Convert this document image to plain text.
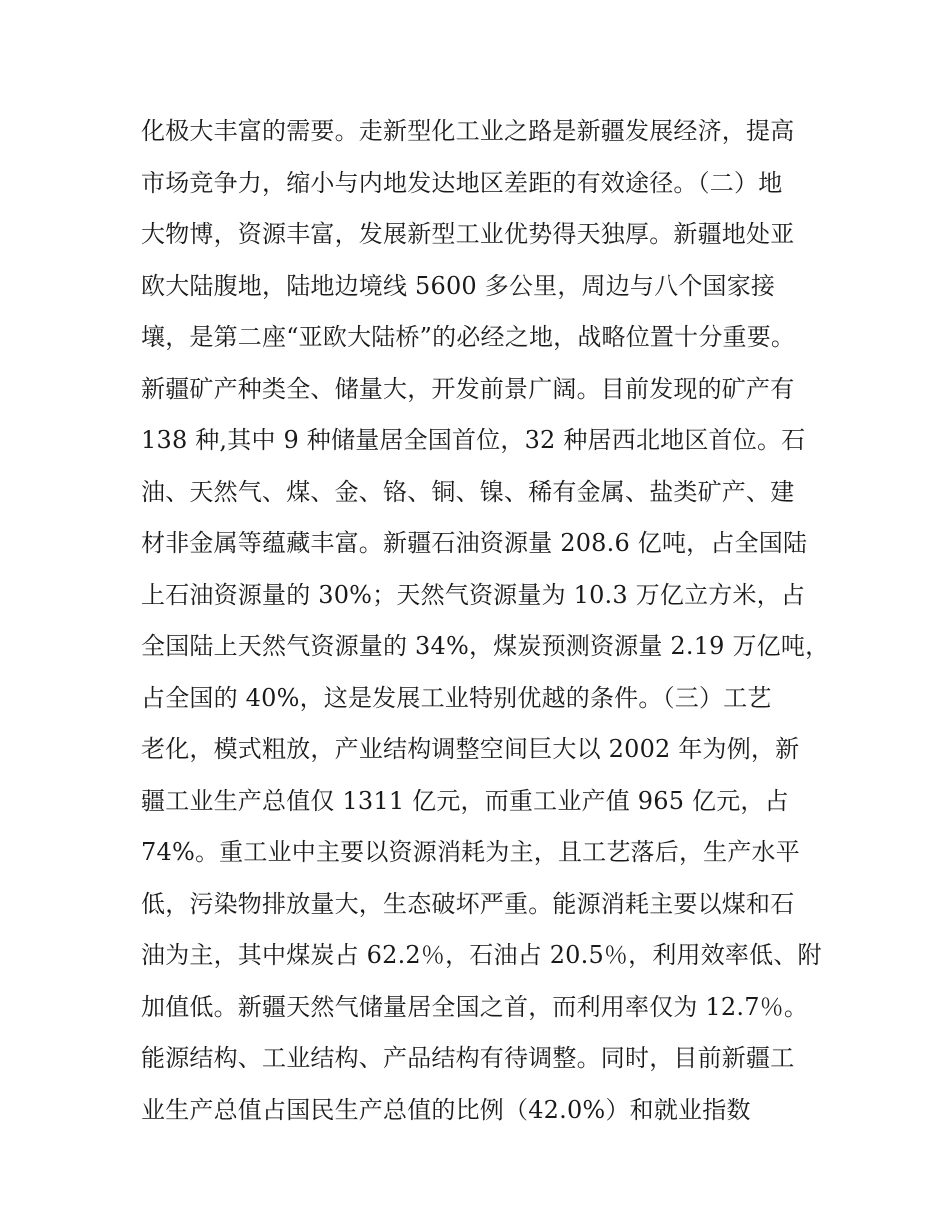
化极大丰富的需要。走新型化工业之路是新疆发展经济，提高
市场竞争力，缩小与内地发达地区差距的有效途径。（二）地
大物博，资源丰富，发展新型工业优势得天独厚。新疆地处亚
欧大陆腹地，陆地边境线 5600 多公里，周边与八个国家接
壤，是第二座“亚欧大陆桥”的必经之地，战略位置十分重要。
新疆矿产种类全、储量大，开发前景广阔。目前发现的矿产有
138 种,其中 9 种储量居全国首位，32 种居西北地区首位。石
油、天然气、煤、金、铬、铜、镍、稀有金属、盐类矿产、建
材非金属等蕴藏丰富。新疆石油资源量 208.6 亿吨，占全国陆
上石油资源量的 30%；天然气资源量为 10.3 万亿立方米，占
全国陆上天然气资源量的 34%，煤炭预测资源量 2.19 万亿吨，
占全国的 40%，这是发展工业特别优越的条件。（三）工艺
老化，模式粗放，产业结构调整空间巨大以 2002 年为例，新
疆工业生产总值仅 1311 亿元，而重工业产值 965 亿元，占
74%。重工业中主要以资源消耗为主，且工艺落后，生产水平
低，污染物排放量大，生态破坏严重。能源消耗主要以煤和石
油为主，其中煤炭占 62.2％，石油占 20.5％，利用效率低、附
加值低。新疆天然气储量居全国之首，而利用率仅为 12.7％。
能源结构、工业结构、产品结构有待调整。同时，目前新疆工
业生产总值占国民生产总值的比例（42.0%）和就业指数
